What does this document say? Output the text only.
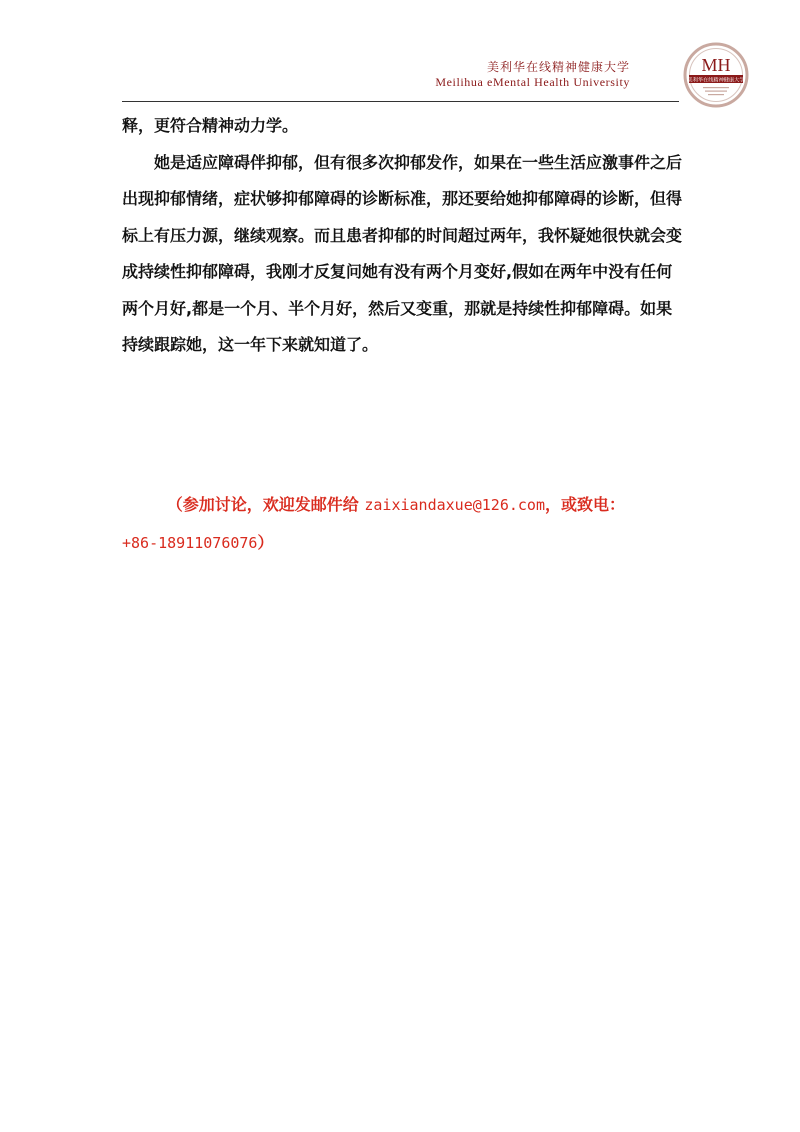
美利华在线精神健康大学
Meilihua eMental Health University
MH
美利华在线精神健康大学

释，更符合精神动力学。

她是适应障碍伴抑郁，但有很多次抑郁发作，如果在一些生活应激事件之后出现抑郁情绪，症状够抑郁障碍的诊断标准，那还要给她抑郁障碍的诊断，但得标上有压力源，继续观察。而且患者抑郁的时间超过两年，我怀疑她很快就会变成持续性抑郁障碍，我刚才反复问她有没有两个月变好,假如在两年中没有任何两个月好,都是一个月、半个月好，然后又变重，那就是持续性抑郁障碍。如果持续跟踪她，这一年下来就知道了。

（参加讨论，欢迎发邮件给 zaixiandaxue@126.com，或致电：
+86-18911076076）
